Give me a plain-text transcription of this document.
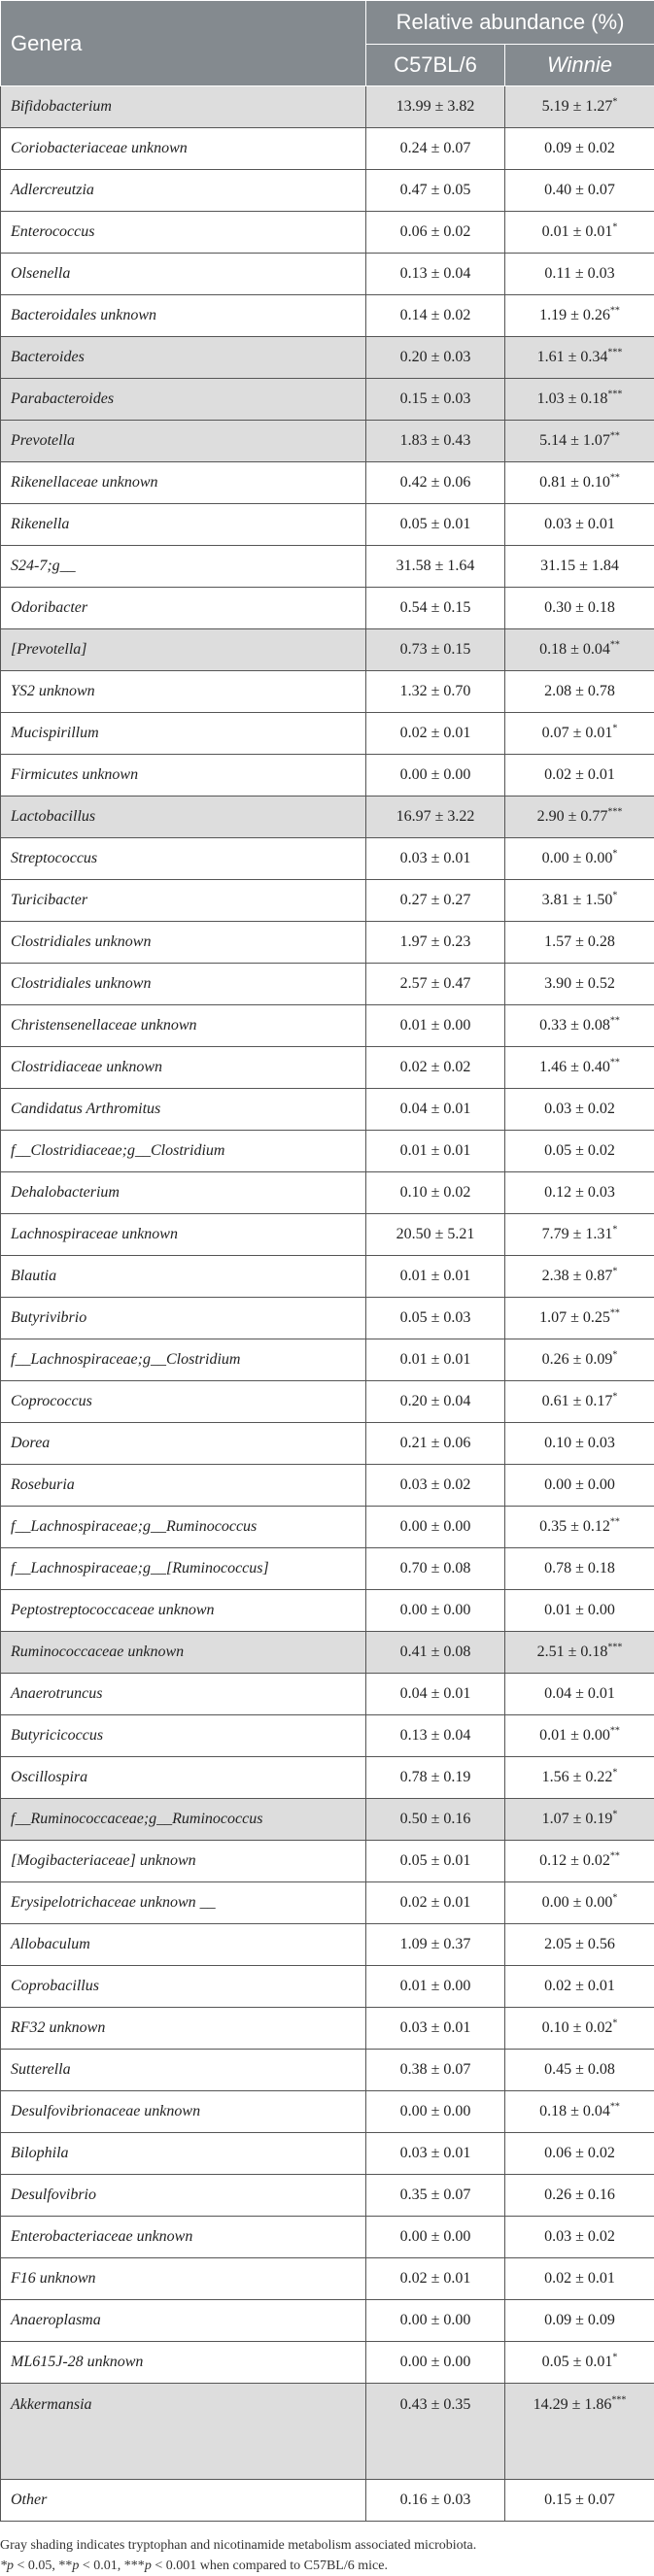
Genera	Relative abundance (%)	
	C57BL/6	Winnie
Bifidobacterium	13.99 ± 3.82	5.19 ± 1.27*
Coriobacteriaceae unknown	0.24 ± 0.07	0.09 ± 0.02
Adlercreutzia	0.47 ± 0.05	0.40 ± 0.07
Enterococcus	0.06 ± 0.02	0.01 ± 0.01*
Olsenella	0.13 ± 0.04	0.11 ± 0.03
Bacteroidales unknown	0.14 ± 0.02	1.19 ± 0.26**
Bacteroides	0.20 ± 0.03	1.61 ± 0.34***
Parabacteroides	0.15 ± 0.03	1.03 ± 0.18***
Prevotella	1.83 ± 0.43	5.14 ± 1.07**
Rikenellaceae unknown	0.42 ± 0.06	0.81 ± 0.10**
Rikenella	0.05 ± 0.01	0.03 ± 0.01
S24-7;g__	31.58 ± 1.64	31.15 ± 1.84
Odoribacter	0.54 ± 0.15	0.30 ± 0.18
[Prevotella]	0.73 ± 0.15	0.18 ± 0.04**
YS2 unknown	1.32 ± 0.70	2.08 ± 0.78
Mucispirillum	0.02 ± 0.01	0.07 ± 0.01*
Firmicutes unknown	0.00 ± 0.00	0.02 ± 0.01
Lactobacillus	16.97 ± 3.22	2.90 ± 0.77***
Streptococcus	0.03 ± 0.01	0.00 ± 0.00*
Turicibacter	0.27 ± 0.27	3.81 ± 1.50*
Clostridiales unknown	1.97 ± 0.23	1.57 ± 0.28
Clostridiales unknown	2.57 ± 0.47	3.90 ± 0.52
Christensenellaceae unknown	0.01 ± 0.00	0.33 ± 0.08**
Clostridiaceae unknown	0.02 ± 0.02	1.46 ± 0.40**
Candidatus Arthromitus	0.04 ± 0.01	0.03 ± 0.02
f__Clostridiaceae;g__Clostridium	0.01 ± 0.01	0.05 ± 0.02
Dehalobacterium	0.10 ± 0.02	0.12 ± 0.03
Lachnospiraceae unknown	20.50 ± 5.21	7.79 ± 1.31*
Blautia	0.01 ± 0.01	2.38 ± 0.87*
Butyrivibrio	0.05 ± 0.03	1.07 ± 0.25**
f__Lachnospiraceae;g__Clostridium	0.01 ± 0.01	0.26 ± 0.09*
Coprococcus	0.20 ± 0.04	0.61 ± 0.17*
Dorea	0.21 ± 0.06	0.10 ± 0.03
Roseburia	0.03 ± 0.02	0.00 ± 0.00
f__Lachnospiraceae;g__Ruminococcus	0.00 ± 0.00	0.35 ± 0.12**
f__Lachnospiraceae;g__[Ruminococcus]	0.70 ± 0.08	0.78 ± 0.18
Peptostreptococcaceae unknown	0.00 ± 0.00	0.01 ± 0.00
Ruminococcaceae unknown	0.41 ± 0.08	2.51 ± 0.18***
Anaerotruncus	0.04 ± 0.01	0.04 ± 0.01
Butyricicoccus	0.13 ± 0.04	0.01 ± 0.00**
Oscillospira	0.78 ± 0.19	1.56 ± 0.22*
f__Ruminococcaceae;g__Ruminococcus	0.50 ± 0.16	1.07 ± 0.19*
[Mogibacteriaceae] unknown	0.05 ± 0.01	0.12 ± 0.02**
Erysipelotrichaceae unknown __	0.02 ± 0.01	0.00 ± 0.00*
Allobaculum	1.09 ± 0.37	2.05 ± 0.56
Coprobacillus	0.01 ± 0.00	0.02 ± 0.01
RF32 unknown	0.03 ± 0.01	0.10 ± 0.02*
Sutterella	0.38 ± 0.07	0.45 ± 0.08
Desulfovibrionaceae unknown	0.00 ± 0.00	0.18 ± 0.04**
Bilophila	0.03 ± 0.01	0.06 ± 0.02
Desulfovibrio	0.35 ± 0.07	0.26 ± 0.16
Enterobacteriaceae unknown	0.00 ± 0.00	0.03 ± 0.02
F16 unknown	0.02 ± 0.01	0.02 ± 0.01
Anaeroplasma	0.00 ± 0.00	0.09 ± 0.09
ML615J-28 unknown	0.00 ± 0.00	0.05 ± 0.01*
Akkermansia	0.43 ± 0.35	14.29 ± 1.86***
Other	0.16 ± 0.03	0.15 ± 0.07
Gray shading indicates tryptophan and nicotinamide metabolism associated microbiota.
*p < 0.05, **p < 0.01, ***p < 0.001 when compared to C57BL/6 mice.
